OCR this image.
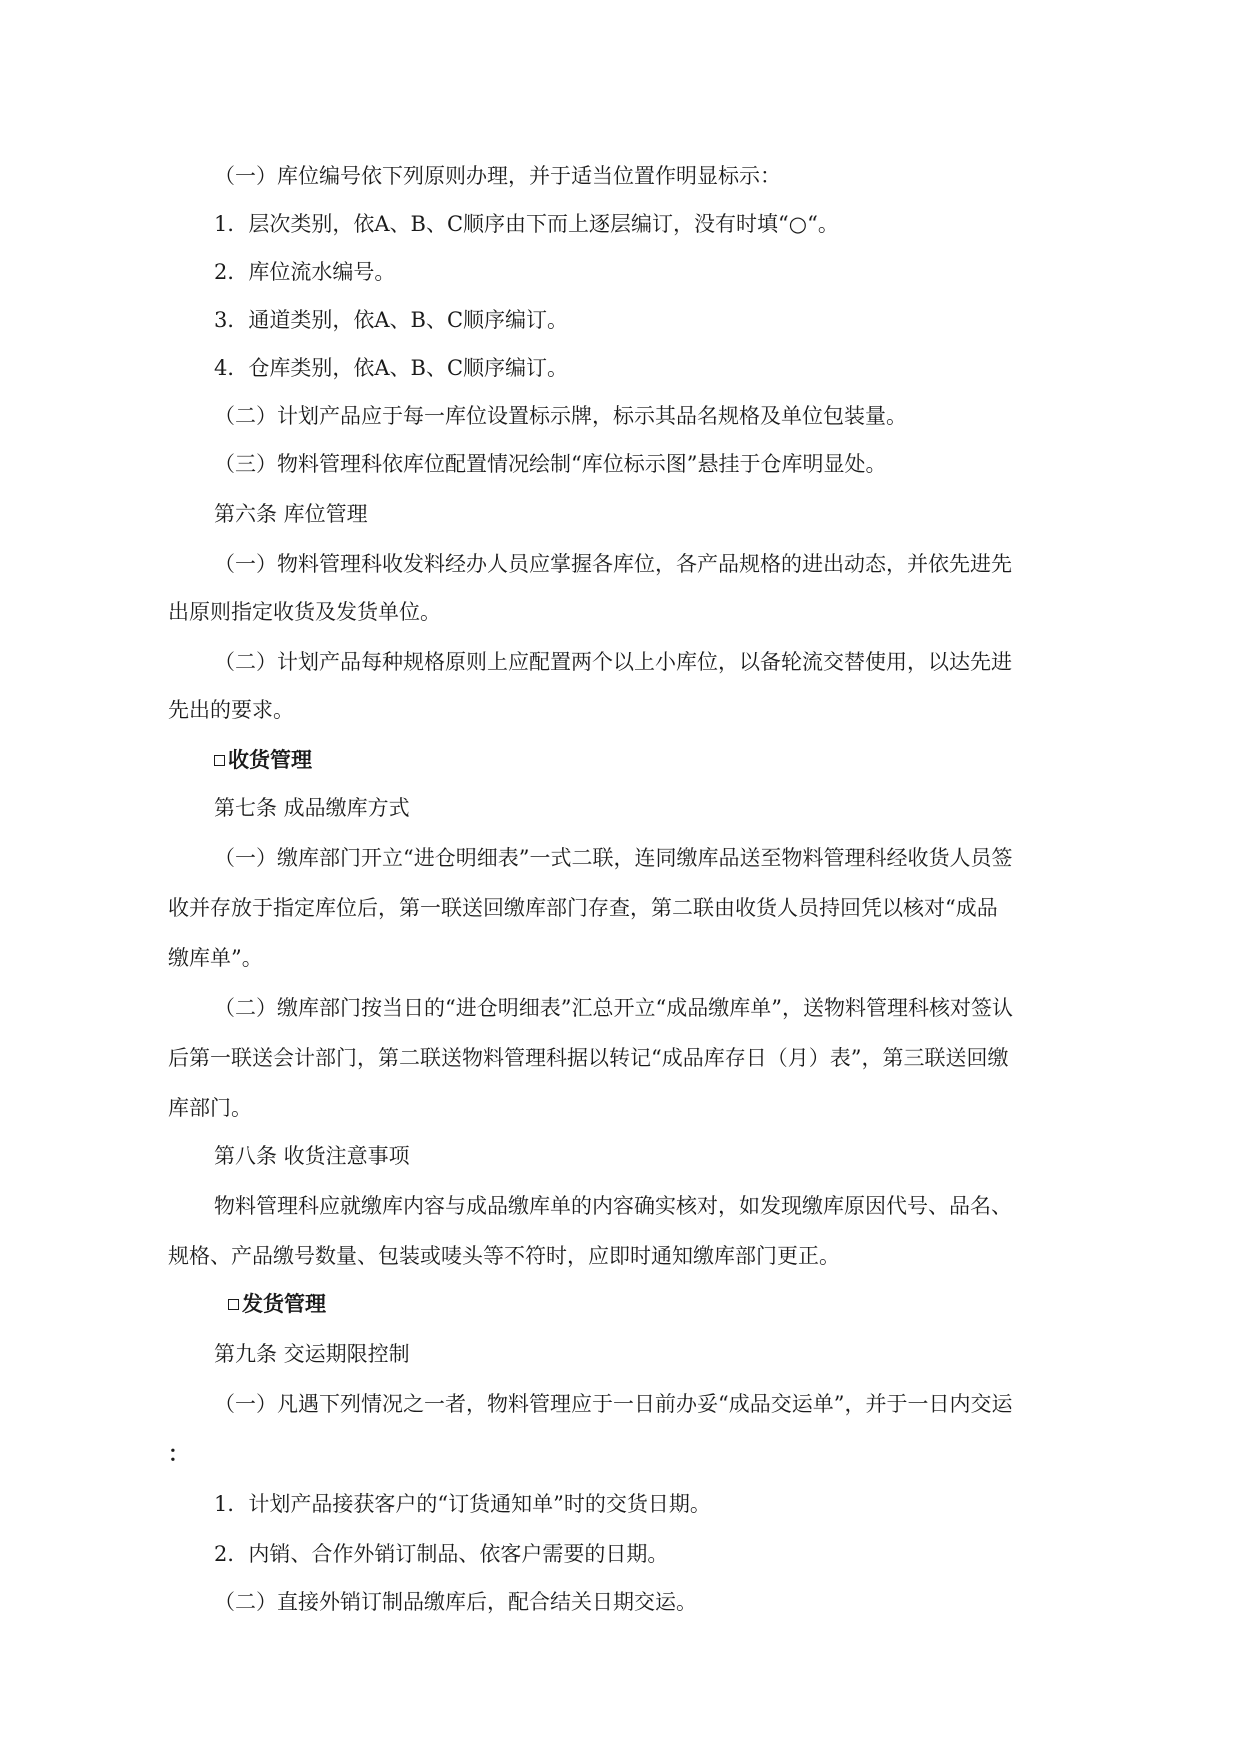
（一）库位编号依下列原则办理，并于适当位置作明显标示：
1．层次类别，依A、B、C顺序由下而上逐层编订，没有时填“○“。
2．库位流水编号。
3．通道类别，依A、B、C顺序编订。
4．仓库类别，依A、B、C顺序编订。
（二）计划产品应于每一库位设置标示牌，标示其品名规格及单位包装量。
（三）物料管理科依库位配置情况绘制“库位标示图”悬挂于仓库明显处。
第六条 库位管理
（一）物料管理科收发料经办人员应掌握各库位，各产品规格的进出动态，并依先进先
出原则指定收货及发货单位。
（二）计划产品每种规格原则上应配置两个以上小库位，以备轮流交替使用，以达先进
先出的要求。
收货管理
第七条 成品缴库方式
（一）缴库部门开立“进仓明细表”一式二联，连同缴库品送至物料管理科经收货人员签
收并存放于指定库位后，第一联送回缴库部门存查，第二联由收货人员持回凭以核对“成品
缴库单”。
（二）缴库部门按当日的“进仓明细表”汇总开立“成品缴库单”，送物料管理科核对签认
后第一联送会计部门，第二联送物料管理科据以转记“成品库存日（月）表”，第三联送回缴
库部门。
第八条 收货注意事项
物料管理科应就缴库内容与成品缴库单的内容确实核对，如发现缴库原因代号、品名、
规格、产品缴号数量、包装或唛头等不符时，应即时通知缴库部门更正。
发货管理
第九条 交运期限控制
（一）凡遇下列情况之一者，物料管理应于一日前办妥“成品交运单”，并于一日内交运
：
1．计划产品接获客户的“订货通知单”时的交货日期。
2．内销、合作外销订制品、依客户需要的日期。
（二）直接外销订制品缴库后，配合结关日期交运。
